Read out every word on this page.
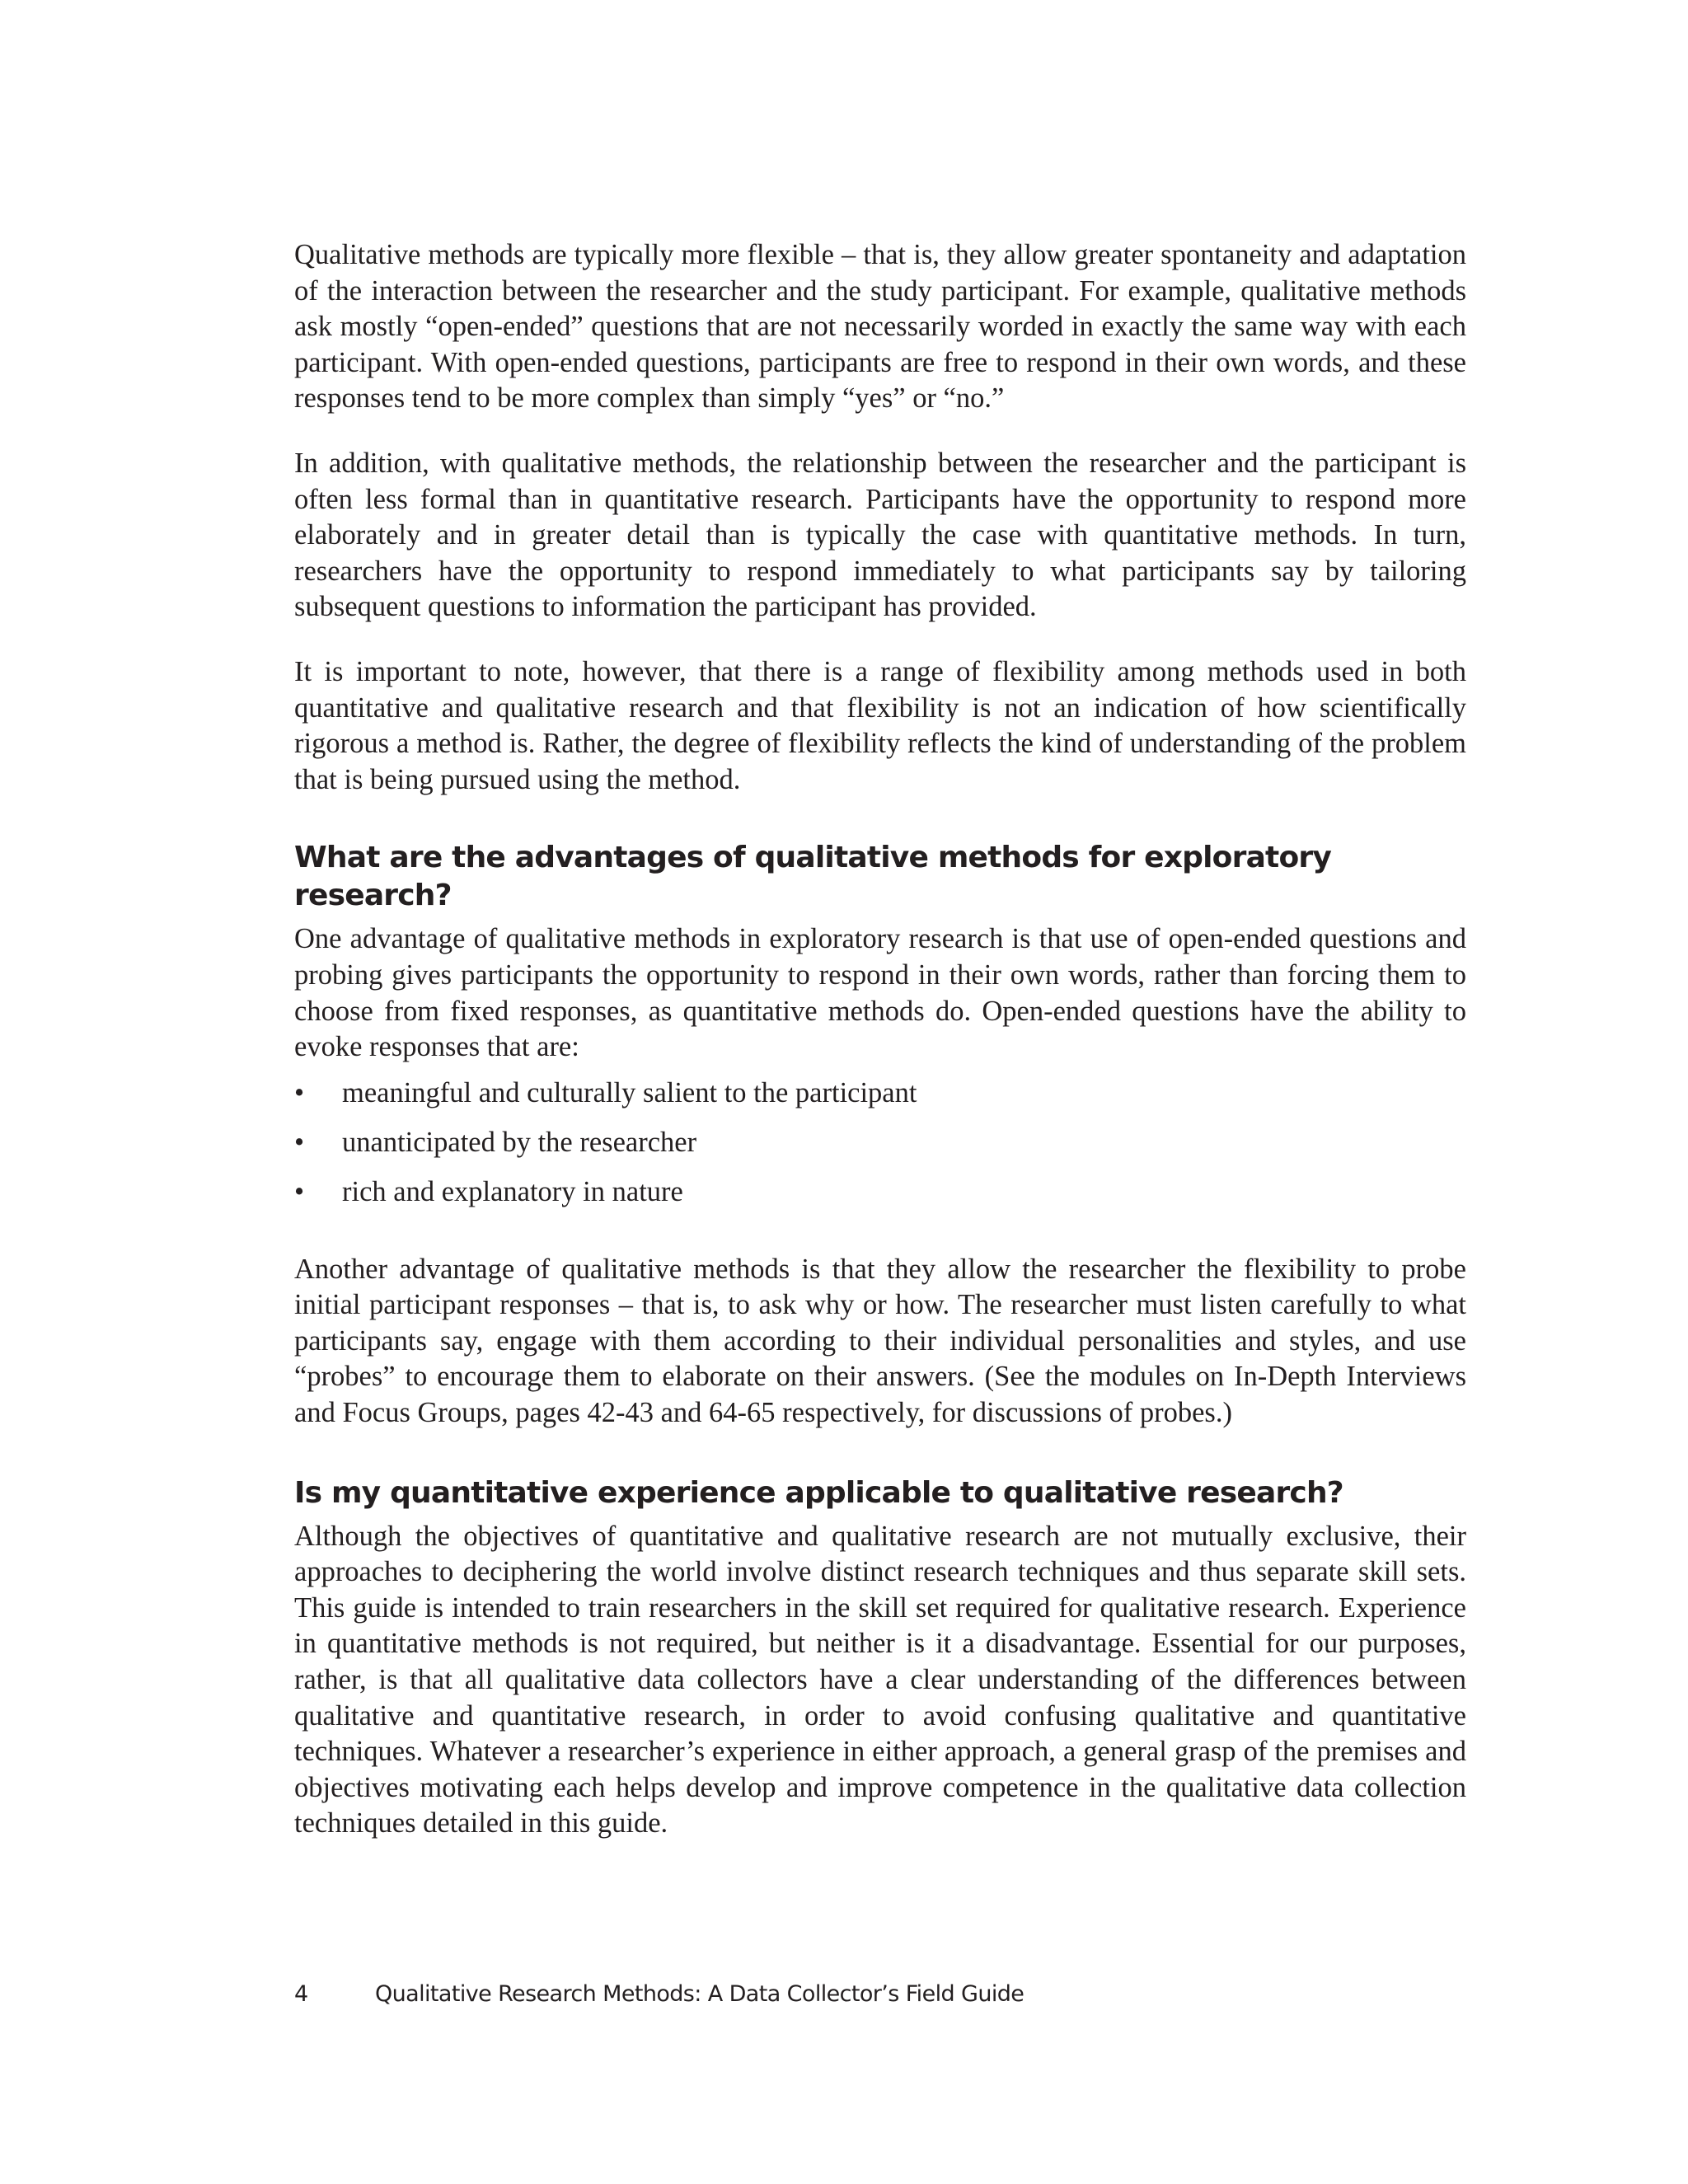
Qualitative methods are typically more flexible – that is, they allow greater spontaneity and adaptation of the interaction between the researcher and the study participant. For example, qualitative methods ask mostly “open-ended” questions that are not necessarily worded in exactly the same way with each participant. With open-ended questions, participants are free to respond in their own words, and these responses tend to be more complex than simply “yes” or “no.”

In addition, with qualitative methods, the relationship between the researcher and the participant is often less formal than in quantitative research. Participants have the opportunity to respond more elaborately and in greater detail than is typically the case with quantitative methods. In turn, researchers have the opportunity to respond immediately to what participants say by tailoring subsequent questions to information the participant has provided.

It is important to note, however, that there is a range of flexibility among methods used in both quantitative and qualitative research and that flexibility is not an indication of how scientifically rigorous a method is. Rather, the degree of flexibility reflects the kind of understanding of the problem that is being pursued using the method.

What are the advantages of qualitative methods for exploratory research?

One advantage of qualitative methods in exploratory research is that use of open-ended questions and probing gives participants the opportunity to respond in their own words, rather than forcing them to choose from fixed responses, as quantitative methods do. Open-ended questions have the ability to evoke responses that are:

• meaningful and culturally salient to the participant
• unanticipated by the researcher
• rich and explanatory in nature

Another advantage of qualitative methods is that they allow the researcher the flexibility to probe initial participant responses – that is, to ask why or how. The researcher must listen carefully to what participants say, engage with them according to their individual personalities and styles, and use “probes” to encourage them to elaborate on their answers. (See the modules on In-Depth Interviews and Focus Groups, pages 42-43 and 64-65 respectively, for discussions of probes.)

Is my quantitative experience applicable to qualitative research?

Although the objectives of quantitative and qualitative research are not mutually exclusive, their approaches to deciphering the world involve distinct research techniques and thus separate skill sets. This guide is intended to train researchers in the skill set required for qualitative research. Experience in quantitative methods is not required, but neither is it a disadvantage. Essential for our purposes, rather, is that all qualitative data collectors have a clear understanding of the differences between qualitative and quantitative research, in order to avoid confusing qualitative and quantitative techniques. Whatever a researcher’s experience in either approach, a general grasp of the premises and objectives motivating each helps develop and improve competence in the qualitative data collection techniques detailed in this guide.

4	Qualitative Research Methods: A Data Collector’s Field Guide
